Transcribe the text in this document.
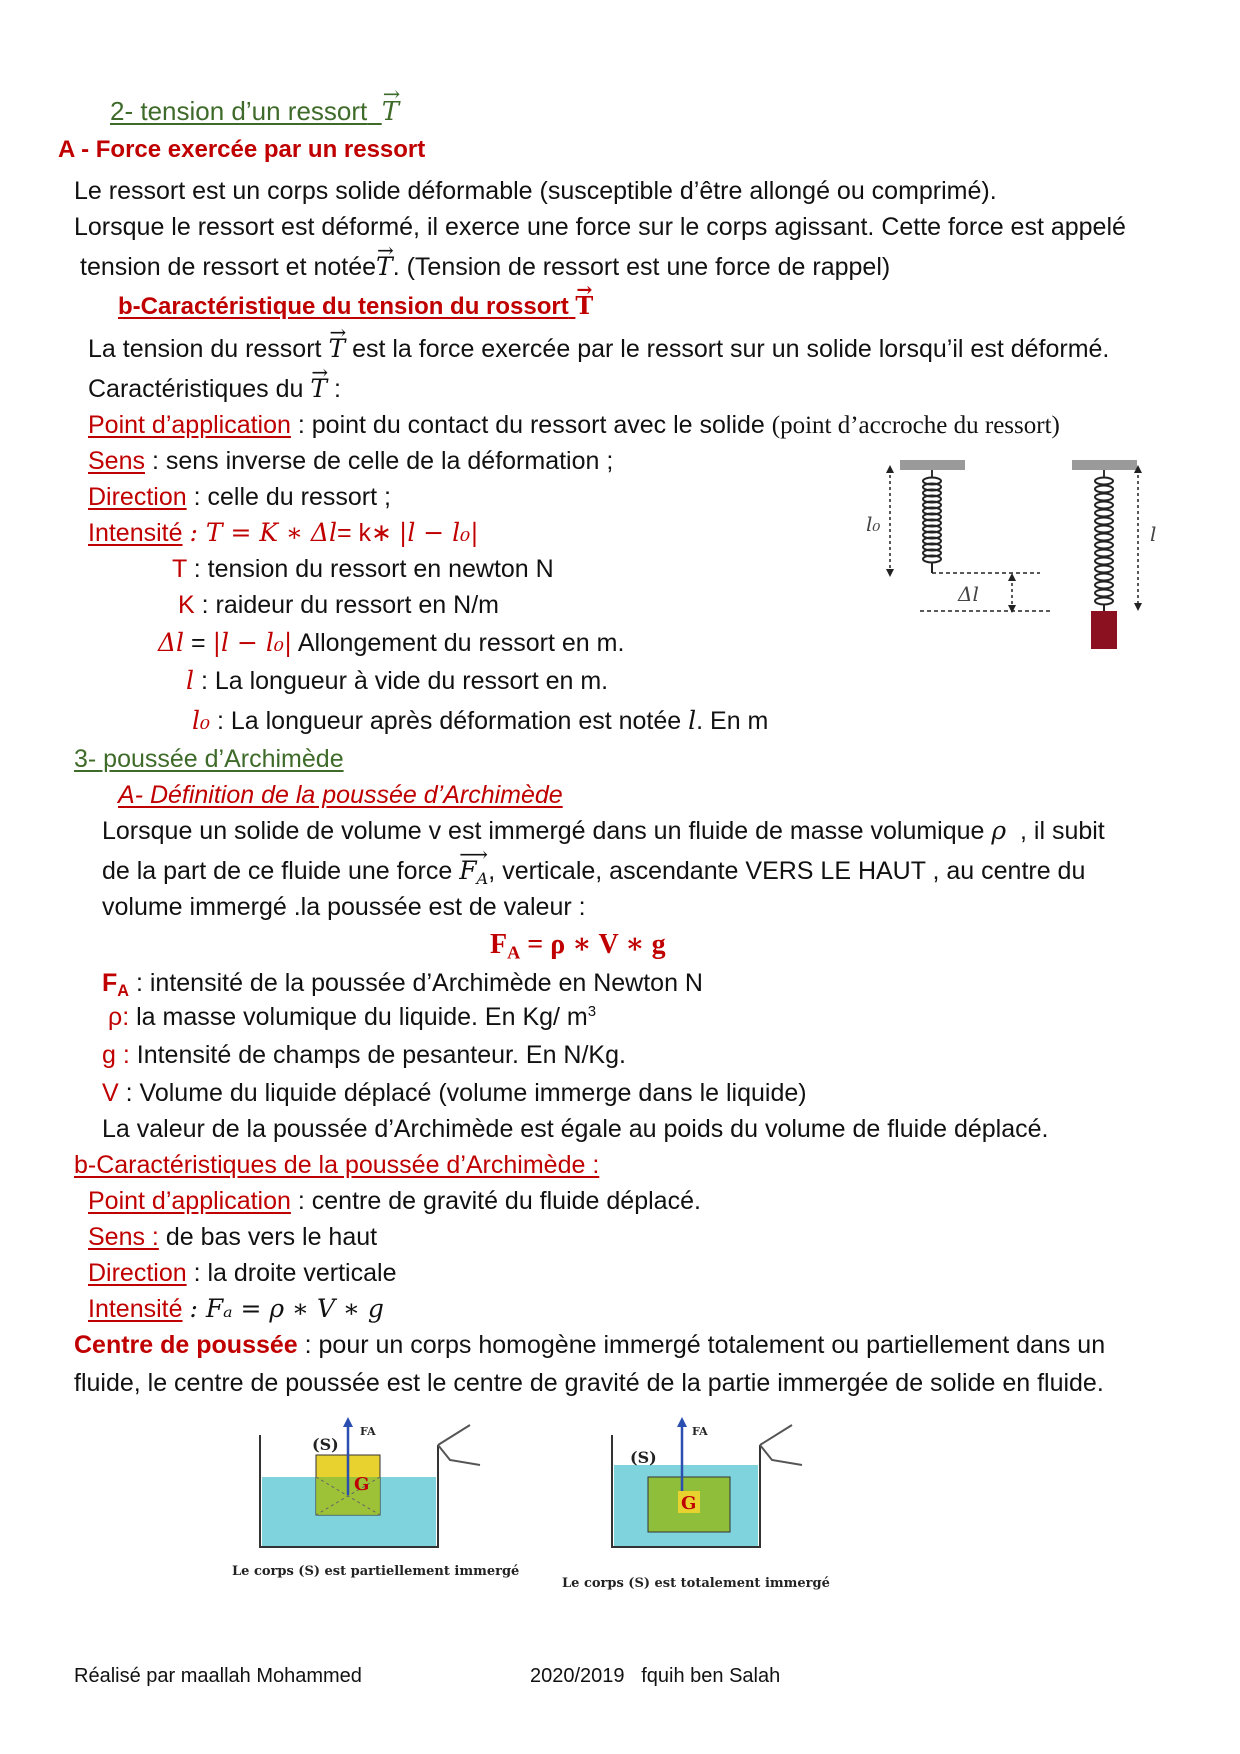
2- tension d’un ressort → T
A - Force exercée par un ressort
Le ressort est un corps solide déformable (susceptible d’être allongé ou comprimé).
Lorsque le ressort est déformé, il exerce une force sur le corps agissant. Cette force est appelé
tension de ressort et notée→ T. (Tension de ressort est une force de rappel)
b-Caractéristique du tension du rossort → T
La tension du ressort → T est la force exercée par le ressort sur un solide lorsqu’il est déformé.
Caractéristiques du → T :
Point d’application : point du contact du ressort avec le solide (point d’accroche du ressort)
Sens : sens inverse de celle de la déformation ;
Direction : celle du ressort ;
Intensité : T = K ∗ Δl= k∗ |l − l₀|
T : tension du ressort en newton N
K : raideur du ressort en N/m
Δl = |l − l₀| Allongement du ressort en m.
l : La longueur à vide du ressort en m.
l₀ : La longueur après déformation est notée l. En m
l₀
Δl
l
3- poussée d’Archimède
A- Définition de la poussée d’Archimède
Lorsque un solide de volume v est immergé dans un fluide de masse volumique ρ , il subit
de la part de ce fluide une force ⟶ $F_A$, verticale, ascendante VERS LE HAUT , au centre du
volume immergé .la poussée est de valeur :
$F_A = \rho$ ∗ V ∗ g
$F_A$ : intensité de la poussée d’Archimède en Newton N
ρ: la masse volumique du liquide. En Kg/ $m^3$
g : Intensité de champs de pesanteur. En N/Kg.
V : Volume du liquide déplacé (volume immerge dans le liquide)
La valeur de la poussée d’Archimède est égale au poids du volume de fluide déplacé.
b-Caractéristiques de la poussée d’Archimède :
Point d’application : centre de gravité du fluide déplacé.
Sens : de bas vers le haut
Direction : la droite verticale
Intensité : Fₐ = ρ ∗ V ∗ g
Centre de poussée : pour un corps homogène immergé totalement ou partiellement dans un
fluide, le centre de poussée est le centre de gravité de la partie immergée de solide en fluide.
(S)
FA
G
Le corps (S) est partiellement immergé
(S)
FA
G
Le corps (S) est totalement immergé
Réalisé par maallah Mohammed	2020/2019   fquih ben Salah
